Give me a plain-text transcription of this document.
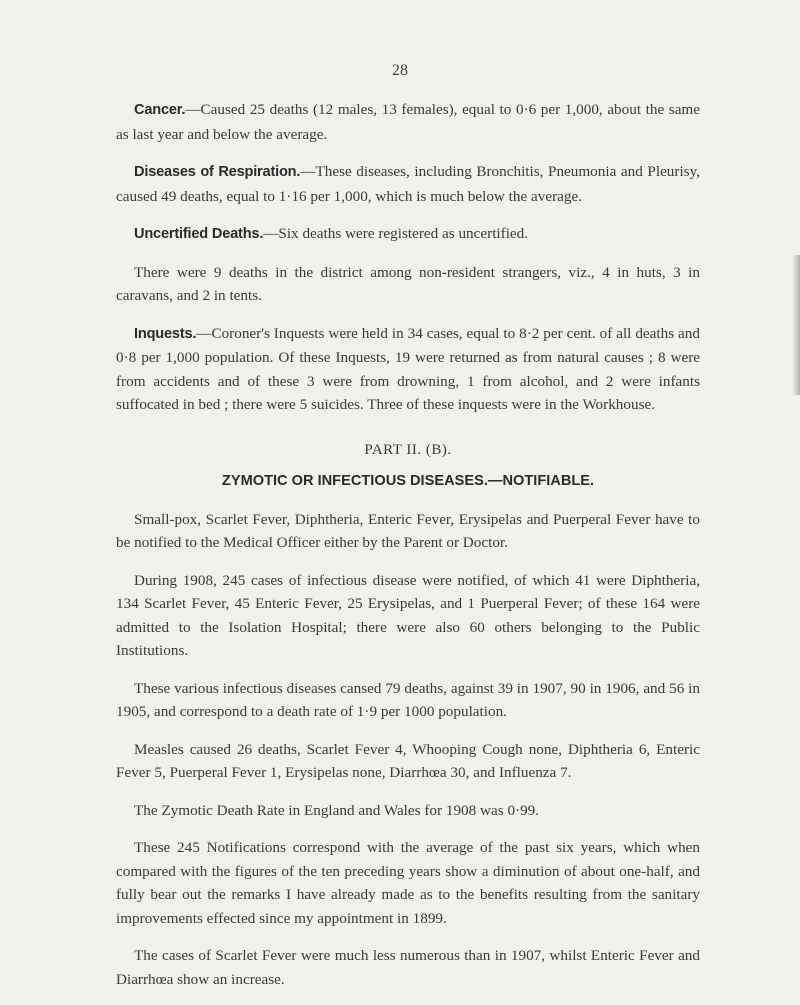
28

Cancer.—Caused 25 deaths (12 males, 13 females), equal to 0·6 per 1,000, about the same as last year and below the average.

Diseases of Respiration.—These diseases, including Bronchitis, Pneumonia and Pleurisy, caused 49 deaths, equal to 1·16 per 1,000, which is much below the average.

Uncertified Deaths.—Six deaths were registered as uncertified.

There were 9 deaths in the district among non-resident strangers, viz., 4 in huts, 3 in caravans, and 2 in tents.

Inquests.—Coroner's Inquests were held in 34 cases, equal to 8·2 per cent. of all deaths and 0·8 per 1,000 population. Of these Inquests, 19 were returned as from natural causes ; 8 were from accidents and of these 3 were from drowning, 1 from alcohol, and 2 were infants suffocated in bed ; there were 5 suicides. Three of these inquests were in the Workhouse.

PART II. (B).

ZYMOTIC OR INFECTIOUS DISEASES.—NOTIFIABLE.

Small-pox, Scarlet Fever, Diphtheria, Enteric Fever, Erysipelas and Puerperal Fever have to be notified to the Medical Officer either by the Parent or Doctor.

During 1908, 245 cases of infectious disease were notified, of which 41 were Diphtheria, 134 Scarlet Fever, 45 Enteric Fever, 25 Erysipelas, and 1 Puerperal Fever; of these 164 were admitted to the Isolation Hospital; there were also 60 others belonging to the Public Institutions.

These various infectious diseases cansed 79 deaths, against 39 in 1907, 90 in 1906, and 56 in 1905, and correspond to a death rate of 1·9 per 1000 population.

Measles caused 26 deaths, Scarlet Fever 4, Whooping Cough none, Diphtheria 6, Enteric Fever 5, Puerperal Fever 1, Erysipelas none, Diarrhœa 30, and Influenza 7.

The Zymotic Death Rate in England and Wales for 1908 was 0·99.

These 245 Notifications correspond with the average of the past six years, which when compared with the figures of the ten preceding years show a diminution of about one-half, and fully bear out the remarks I have already made as to the benefits resulting from the sanitary improvements effected since my appointment in 1899.

The cases of Scarlet Fever were much less numerous than in 1907, whilst Enteric Fever and Diarrhœa show an increase.
